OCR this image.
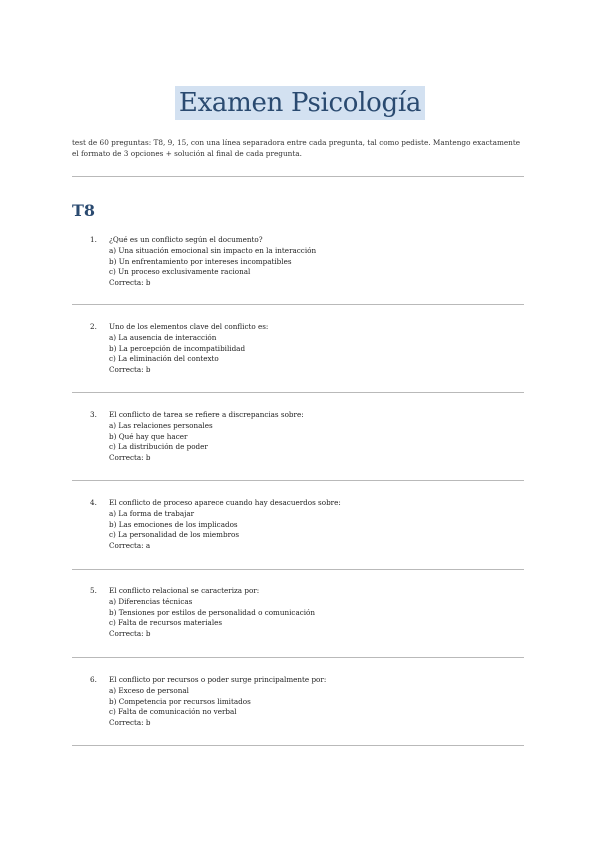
Examen Psicología
test de 60 preguntas: T8, 9, 15, con una línea separadora entre cada pregunta, tal como pediste. Mantengo exactamente el formato de 3 opciones + solución al final de cada pregunta.
T8
1. ¿Qué es un conflicto según el documento?
a) Una situación emocional sin impacto en la interacción
b) Un enfrentamiento por intereses incompatibles
c) Un proceso exclusivamente racional
Correcta: b
2. Uno de los elementos clave del conflicto es:
a) La ausencia de interacción
b) La percepción de incompatibilidad
c) La eliminación del contexto
Correcta: b
3. El conflicto de tarea se refiere a discrepancias sobre:
a) Las relaciones personales
b) Qué hay que hacer
c) La distribución de poder
Correcta: b
4. El conflicto de proceso aparece cuando hay desacuerdos sobre:
a) La forma de trabajar
b) Las emociones de los implicados
c) La personalidad de los miembros
Correcta: a
5. El conflicto relacional se caracteriza por:
a) Diferencias técnicas
b) Tensiones por estilos de personalidad o comunicación
c) Falta de recursos materiales
Correcta: b
6. El conflicto por recursos o poder surge principalmente por:
a) Exceso de personal
b) Competencia por recursos limitados
c) Falta de comunicación no verbal
Correcta: b
